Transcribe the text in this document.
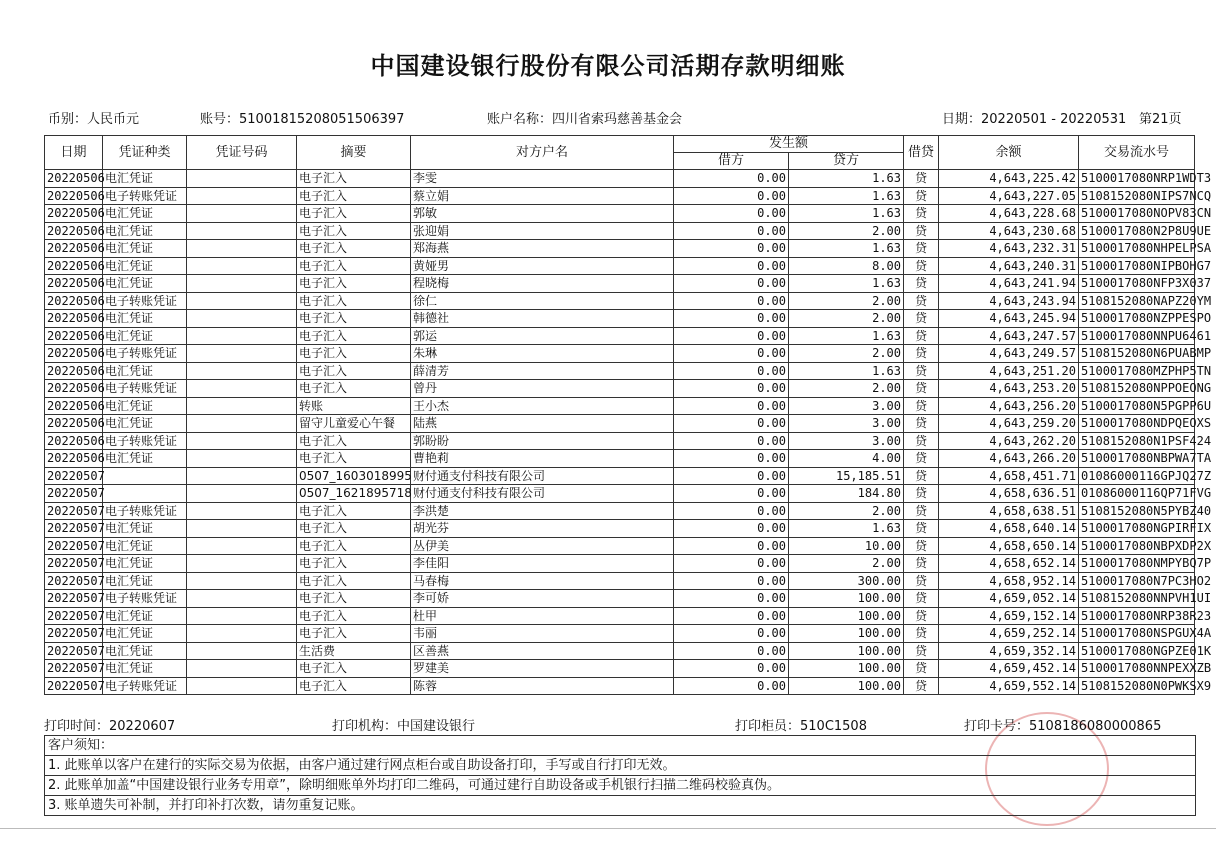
中国建设银行股份有限公司活期存款明细账
币别：人民币元	账号：51001815208051506397	账户名称：四川省索玛慈善基金会	日期：20220501 - 20220531 第21页
日期	凭证种类	凭证号码	摘要	对方户名	发生额		借贷	余额	交易流水号
					借方	贷方			
20220506	电汇凭证		电子汇入	李雯	0.00	1.63	贷	4,643,225.42	5100017080NRP1WDT3
20220506	电子转账凭证		电子汇入	蔡立娟	0.00	1.63	贷	4,643,227.05	5108152080NIPS7NCQ
20220506	电汇凭证		电子汇入	郭敏	0.00	1.63	贷	4,643,228.68	5100017080NOPV83CN
20220506	电汇凭证		电子汇入	张迎娟	0.00	2.00	贷	4,643,230.68	5100017080N2P8U9UE
20220506	电汇凭证		电子汇入	郑海燕	0.00	1.63	贷	4,643,232.31	5100017080NHPELPSA
20220506	电汇凭证		电子汇入	黄娅男	0.00	8.00	贷	4,643,240.31	5100017080NIPBOHG7
20220506	电汇凭证		电子汇入	程晓梅	0.00	1.63	贷	4,643,241.94	5100017080NFP3X037
20220506	电子转账凭证		电子汇入	徐仁	0.00	2.00	贷	4,643,243.94	5108152080NAPZ20YM
20220506	电汇凭证		电子汇入	韩德社	0.00	2.00	贷	4,643,245.94	5100017080NZPPESPO
20220506	电汇凭证		电子汇入	郭运	0.00	1.63	贷	4,643,247.57	5100017080NNPU6461
20220506	电子转账凭证		电子汇入	朱琳	0.00	2.00	贷	4,643,249.57	5108152080N6PUABMP
20220506	电汇凭证		电子汇入	薛清芳	0.00	1.63	贷	4,643,251.20	5100017080MZPHP5TN
20220506	电子转账凭证		电子汇入	曾丹	0.00	2.00	贷	4,643,253.20	5108152080NPPOEONG
20220506	电汇凭证		转账	王小杰	0.00	3.00	贷	4,643,256.20	5100017080N5PGPP6U
20220506	电汇凭证		留守儿童爱心午餐	陆燕	0.00	3.00	贷	4,643,259.20	5100017080NDPQEOXS
20220506	电子转账凭证		电子汇入	郭盼盼	0.00	3.00	贷	4,643,262.20	5108152080N1PSF424
20220506	电汇凭证		电子汇入	曹艳莉	0.00	4.00	贷	4,643,266.20	5100017080NBPWA7TA
20220507			0507_1603018995	财付通支付科技有限公司	0.00	15,185.51	贷	4,658,451.71	01086000116GPJQ27Z
20220507			0507_1621895718	财付通支付科技有限公司	0.00	184.80	贷	4,658,636.51	01086000116QP71FVG
20220507	电子转账凭证		电子汇入	李洪楚	0.00	2.00	贷	4,658,638.51	5108152080N5PYBZ40
20220507	电汇凭证		电子汇入	胡光芬	0.00	1.63	贷	4,658,640.14	5100017080NGPIRFIX
20220507	电汇凭证		电子汇入	丛伊美	0.00	10.00	贷	4,658,650.14	5100017080NBPXDP2X
20220507	电汇凭证		电子汇入	李佳阳	0.00	2.00	贷	4,658,652.14	5100017080NMPYBQ7P
20220507	电汇凭证		电子汇入	马春梅	0.00	300.00	贷	4,658,952.14	5100017080N7PC3HO2
20220507	电子转账凭证		电子汇入	李可娇	0.00	100.00	贷	4,659,052.14	5108152080NNPVH1UI
20220507	电汇凭证		电子汇入	杜甲	0.00	100.00	贷	4,659,152.14	5100017080NRP38R23
20220507	电汇凭证		电子汇入	韦丽	0.00	100.00	贷	4,659,252.14	5100017080NSPGUX4A
20220507	电汇凭证		生活费	区善燕	0.00	100.00	贷	4,659,352.14	5100017080NGPZE01K
20220507	电汇凭证		电子汇入	罗建美	0.00	100.00	贷	4,659,452.14	5100017080NNPEXXZB
20220507	电子转账凭证		电子汇入	陈蓉	0.00	100.00	贷	4,659,552.14	5108152080N0PWKSX9
打印时间：20220607	打印机构：中国建设银行	打印柜员：510C1508	打印卡号：5108186080000865
客户须知：
1. 此账单以客户在建行的实际交易为依据，由客户通过建行网点柜台或自助设备打印，手写或自行打印无效。
2. 此账单加盖“中国建设银行业务专用章”，除明细账单外均打印二维码，可通过建行自助设备或手机银行扫描二维码校验真伪。
3. 账单遗失可补制，并打印补打次数，请勿重复记账。
